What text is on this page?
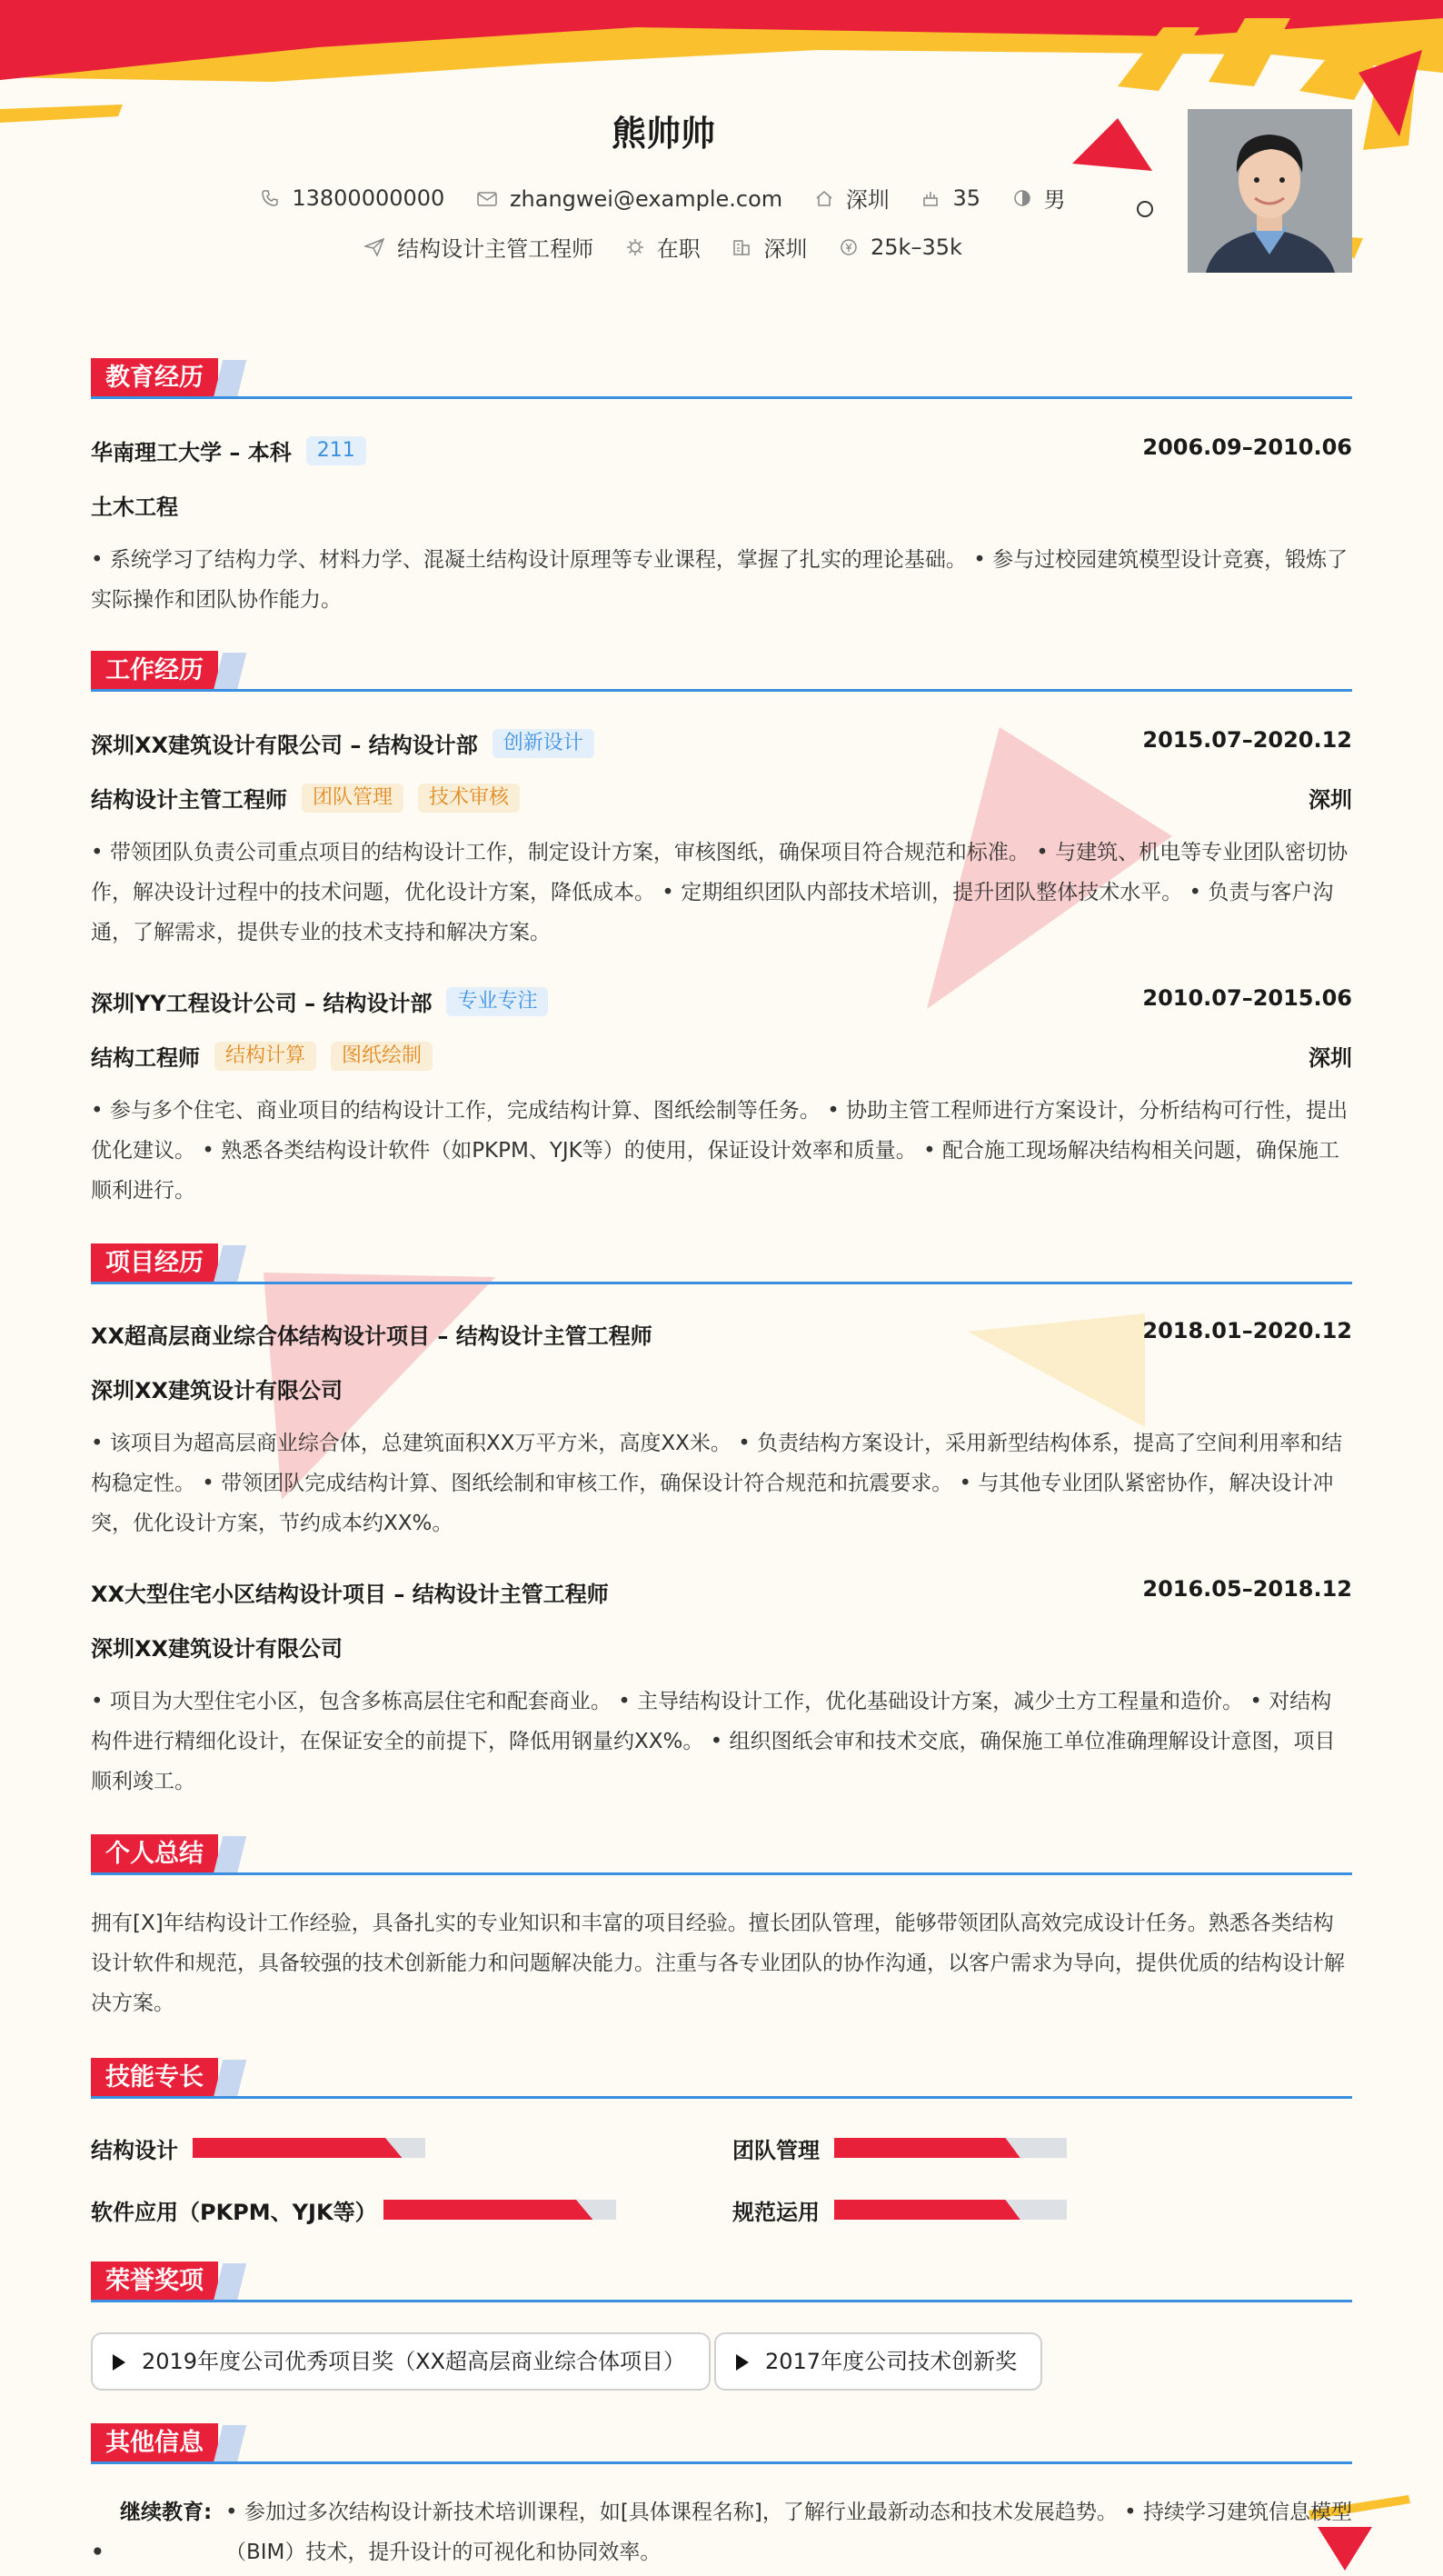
熊帅帅
13800000000
	zhangwei@example.com
	深圳
	35
	男
结构设计主管工程师
	在职
	深圳
	25k–35k
教育经历
华南理工大学 – 本科	211	2006.09–2010.06
土木工程
• 系统学习了结构力学、材料力学、混凝土结构设计原理等专业课程，掌握了扎实的理论基础。 • 参与过校园建筑模型设计竞赛，锻炼了实际操作和团队协作能力。
工作经历
深圳XX建筑设计有限公司 – 结构设计部	创新设计	2015.07–2020.12
结构设计主管工程师	团队管理	技术审核	深圳
• 带领团队负责公司重点项目的结构设计工作，制定设计方案，审核图纸，确保项目符合规范和标准。 • 与建筑、机电等专业团队密切协作，解决设计过程中的技术问题，优化设计方案，降低成本。 • 定期组织团队内部技术培训，提升团队整体技术水平。 • 负责与客户沟通，了解需求，提供专业的技术支持和解决方案。
深圳YY工程设计公司 – 结构设计部	专业专注	2010.07–2015.06
结构工程师	结构计算	图纸绘制	深圳
• 参与多个住宅、商业项目的结构设计工作，完成结构计算、图纸绘制等任务。 • 协助主管工程师进行方案设计，分析结构可行性，提出优化建议。 • 熟悉各类结构设计软件（如PKPM、YJK等）的使用，保证设计效率和质量。 • 配合施工现场解决结构相关问题，确保施工顺利进行。
项目经历
XX超高层商业综合体结构设计项目 – 结构设计主管工程师	2018.01–2020.12
深圳XX建筑设计有限公司
• 该项目为超高层商业综合体，总建筑面积XX万平方米，高度XX米。 • 负责结构方案设计，采用新型结构体系，提高了空间利用率和结构稳定性。 • 带领团队完成结构计算、图纸绘制和审核工作，确保设计符合规范和抗震要求。 • 与其他专业团队紧密协作，解决设计冲突，优化设计方案，节约成本约XX%。
XX大型住宅小区结构设计项目 – 结构设计主管工程师	2016.05–2018.12
深圳XX建筑设计有限公司
• 项目为大型住宅小区，包含多栋高层住宅和配套商业。 • 主导结构设计工作，优化基础设计方案，减少土方工程量和造价。 • 对结构构件进行精细化设计，在保证安全的前提下，降低用钢量约XX%。 • 组织图纸会审和技术交底，确保施工单位准确理解设计意图，项目顺利竣工。
个人总结
拥有[X]年结构设计工作经验，具备扎实的专业知识和丰富的项目经验。擅长团队管理，能够带领团队高效完成设计任务。熟悉各类结构设计软件和规范，具备较强的技术创新能力和问题解决能力。注重与各专业团队的协作沟通，以客户需求为导向，提供优质的结构设计解决方案。
技能专长
结构设计	团队管理
软件应用（PKPM、YJK等）	规范运用
荣誉奖项
2019年度公司优秀项目奖（XX超高层商业综合体项目）	2017年度公司技术创新奖
其他信息
•
继续教育: • 参加过多次结构设计新技术培训课程，如[具体课程名称]，了解行业最新动态和技术发展趋势。 • 持续学习建筑信息模型（BIM）技术，提升设计的可视化和协同效率。
